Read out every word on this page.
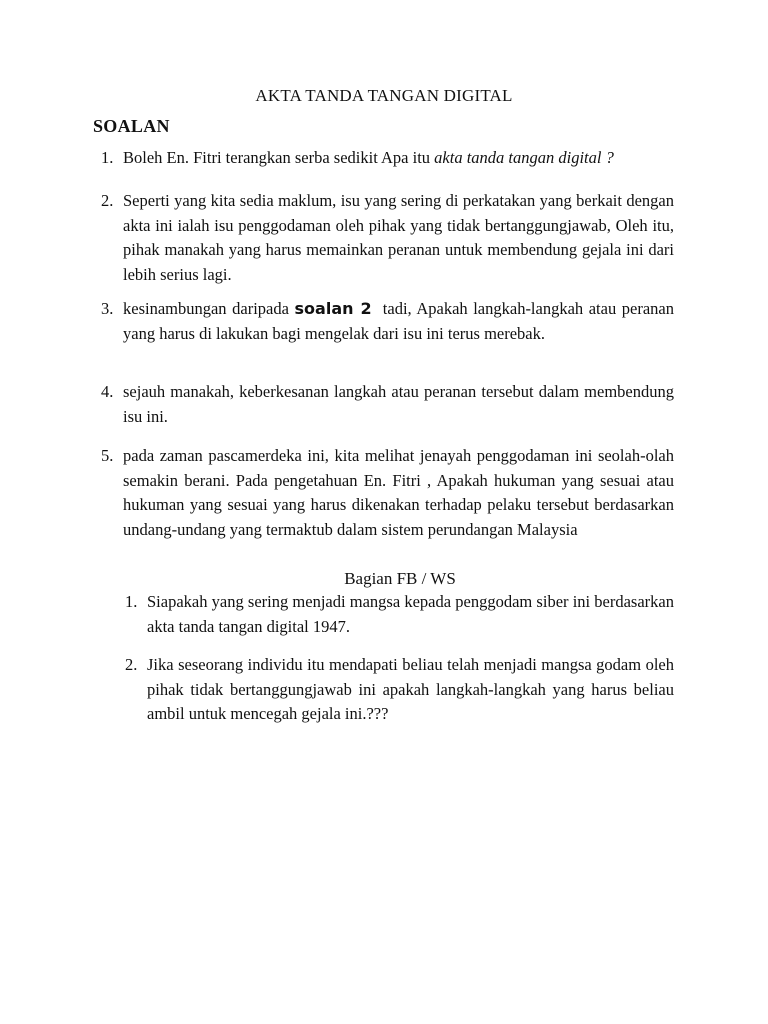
AKTA TANDA TANGAN DIGITAL
SOALAN
1. Boleh En. Fitri terangkan serba sedikit Apa itu akta tanda tangan digital ?
2. Seperti yang kita sedia maklum, isu yang sering di perkatakan yang berkait dengan akta ini ialah isu penggodaman oleh pihak yang tidak bertanggungjawab, Oleh itu, pihak manakah yang harus memainkan peranan untuk membendung gejala ini dari lebih serius lagi.
3. kesinambungan daripada soalan 2  tadi, Apakah langkah-langkah atau peranan yang harus di lakukan bagi mengelak dari isu ini terus merebak.
4. sejauh manakah, keberkesanan langkah atau peranan tersebut dalam membendung isu ini.
5. pada zaman pascamerdeka ini, kita melihat jenayah penggodaman ini seolah-olah semakin berani. Pada pengetahuan En. Fitri , Apakah hukuman yang sesuai atau hukuman yang sesuai yang harus dikenakan terhadap pelaku tersebut berdasarkan undang-undang yang termaktub dalam sistem perundangan Malaysia
Bagian FB / WS
1. Siapakah yang sering menjadi mangsa kepada penggodam siber ini berdasarkan akta tanda tangan digital 1947.
2. Jika seseorang individu itu mendapati beliau telah menjadi mangsa godam oleh pihak tidak bertanggungjawab ini apakah langkah-langkah yang harus beliau ambil untuk mencegah gejala ini.???
